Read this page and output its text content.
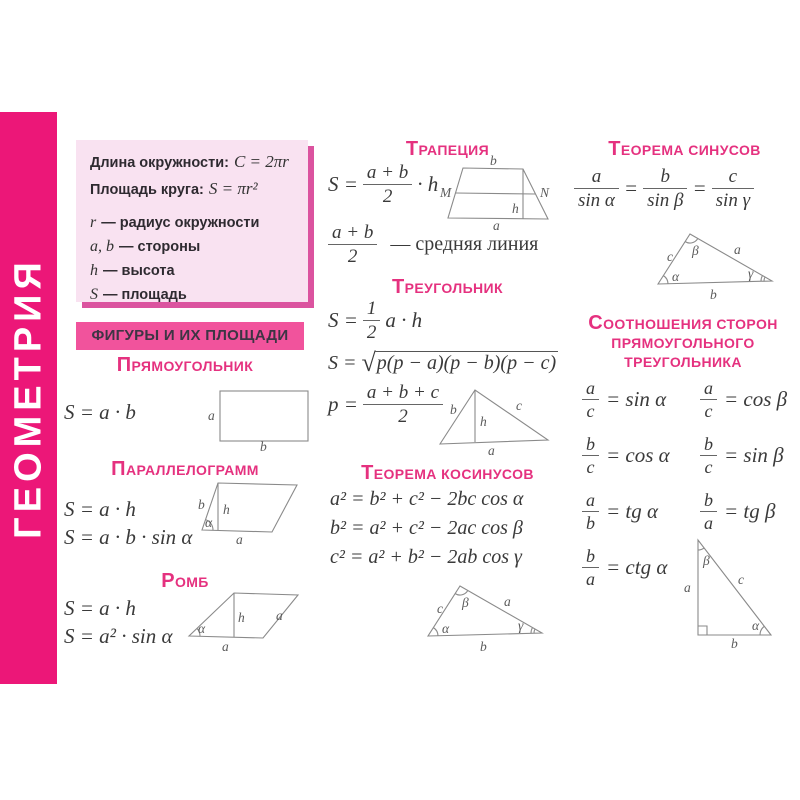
ГЕОМЕТРИЯ
Длина окружности: C = 2πr
Площадь круга: S = πr²
r — радиус окружности
a, b — стороны
h — высота
S — площадь
ФИГУРЫ И ИХ ПЛОЩАДИ
ПРЯМОУГОЛЬНИК
S = a · b	a
b
ПАРАЛЛЕЛОГРАММ
S = a · h
S = a · b · sin α
b h
α
a
РОМБ
S = a · h
S = a² · sin α α
h
a
a
ТРАПЕЦИЯ
$S = \frac{a + b}{2} \cdot h$
b
M	N
h
a
$\frac{a + b}{2}$ — средняя линия
ТРЕУГОЛЬНИК
$S = \frac{1}{2}$ a · h
S = √p(p − a)(p − b)(p − c)
$p = \frac{a + b + c}{2}$ b
h
c
a
ТЕОРЕМА КОСИНУСОВ
a² = b² + c² − 2bc cos α
b² = a² + c² − 2ac cos β
c² = a² + b² − 2ab cos γ
c β	a
α	γ
b
ТЕОРЕМА СИНУСОВ
$\frac{a}{\text{sin α}} = \frac{b}{\text{sin β}} = \frac{c}{\text{sin γ}}$
c β	a
α	γ
b
СООТНОШЕНИЯ СТОРОН
ПРЯМОУГОЛЬНОГО
ТРЕУГОЛЬНИКА
$\frac{a}{c} = \sin \alpha \frac{a}{c} = \cos \beta$
$\frac{b}{c} = \cos \alpha \frac{b}{c} = \sin \beta$
$\frac{a}{b}$ = tg α $\frac{b}{a}$ = tg β
$\frac{b}{a}$ = ctg α
a
β
c
α
b
